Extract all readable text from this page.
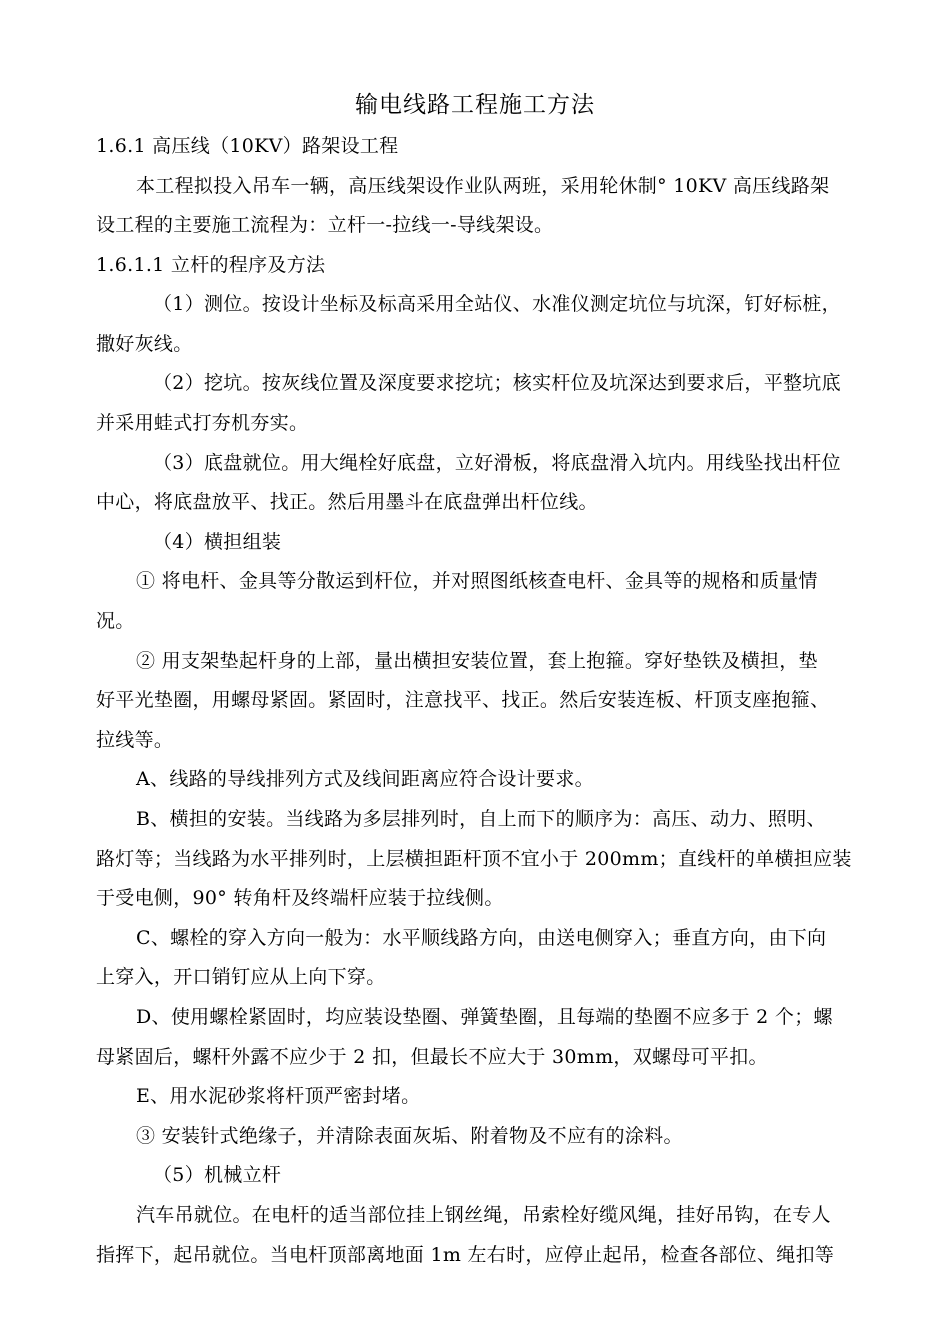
输电线路工程施工方法
1.6.1 高压线（10KV）路架设工程
本工程拟投入吊车一辆，高压线架设作业队两班，采用轮休制° 10KV 高压线路架
设工程的主要施工流程为：立杆一-拉线一-导线架设。
1.6.1.1 立杆的程序及方法
（1）测位。按设计坐标及标高采用全站仪、水准仪测定坑位与坑深，钉好标桩，
撒好灰线。
（2）挖坑。按灰线位置及深度要求挖坑；核实杆位及坑深达到要求后，平整坑底
并采用蛙式打夯机夯实。
（3）底盘就位。用大绳栓好底盘，立好滑板，将底盘滑入坑内。用线坠找出杆位
中心，将底盘放平、找正。然后用墨斗在底盘弹出杆位线。
（4）横担组装
① 将电杆、金具等分散运到杆位，并对照图纸核查电杆、金具等的规格和质量情
况。
② 用支架垫起杆身的上部，量出横担安装位置，套上抱箍。穿好垫铁及横担，垫
好平光垫圈，用螺母紧固。紧固时，注意找平、找正。然后安装连板、杆顶支座抱箍、
拉线等。
A、线路的导线排列方式及线间距离应符合设计要求。
B、横担的安装。当线路为多层排列时，自上而下的顺序为：高压、动力、照明、
路灯等；当线路为水平排列时，上层横担距杆顶不宜小于 200mm；直线杆的单横担应装
于受电侧，90° 转角杆及终端杆应装于拉线侧。
C、螺栓的穿入方向一般为：水平顺线路方向，由送电侧穿入；垂直方向，由下向
上穿入，开口销钉应从上向下穿。
D、使用螺栓紧固时，均应装设垫圈、弹簧垫圈，且每端的垫圈不应多于 2 个；螺
母紧固后，螺杆外露不应少于 2 扣，但最长不应大于 30mm，双螺母可平扣。
E、用水泥砂浆将杆顶严密封堵。
③ 安装针式绝缘子，并清除表面灰垢、附着物及不应有的涂料。
（5）机械立杆
汽车吊就位。在电杆的适当部位挂上钢丝绳，吊索栓好缆风绳，挂好吊钩，在专人
指挥下，起吊就位。当电杆顶部离地面 1m 左右时，应停止起吊，检查各部位、绳扣等
